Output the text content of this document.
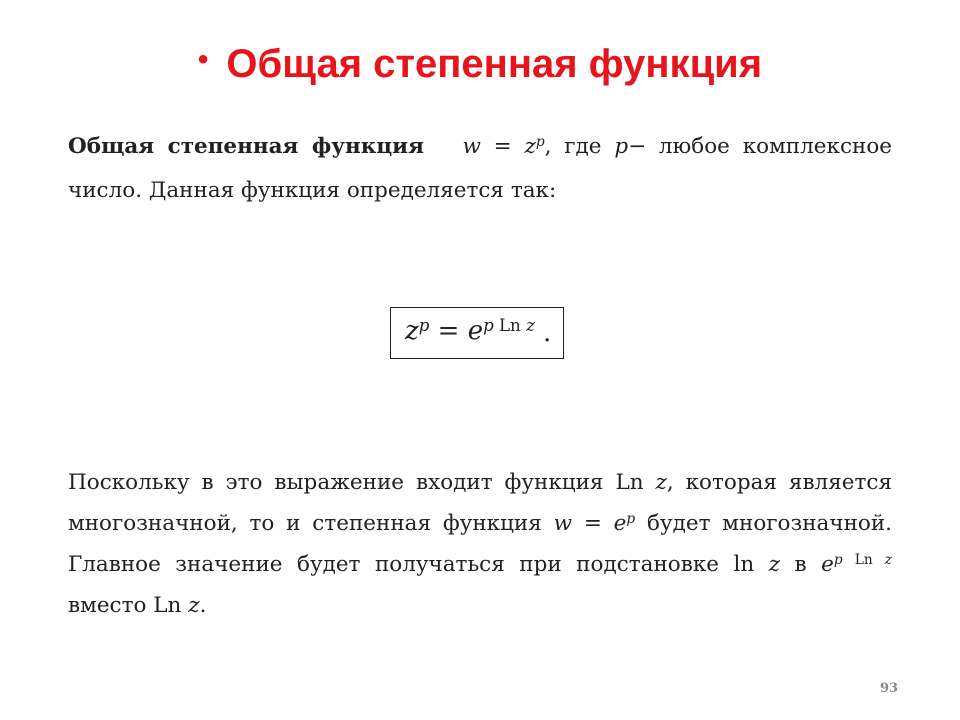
• Общая степенная функция
Общая степенная функция $w = z^p$, где p− любое комплексное число. Данная функция определяется так:
$z^p = e^{p Ln z}$ .
Поскольку в это выражение входит функция Ln z, которая является многозначной, то и степенная функция $w = e^p$ будет многозначной. Главное значение будет получаться при подстановке ln z в $e^{p Ln z}$ вместо Ln z.
93
